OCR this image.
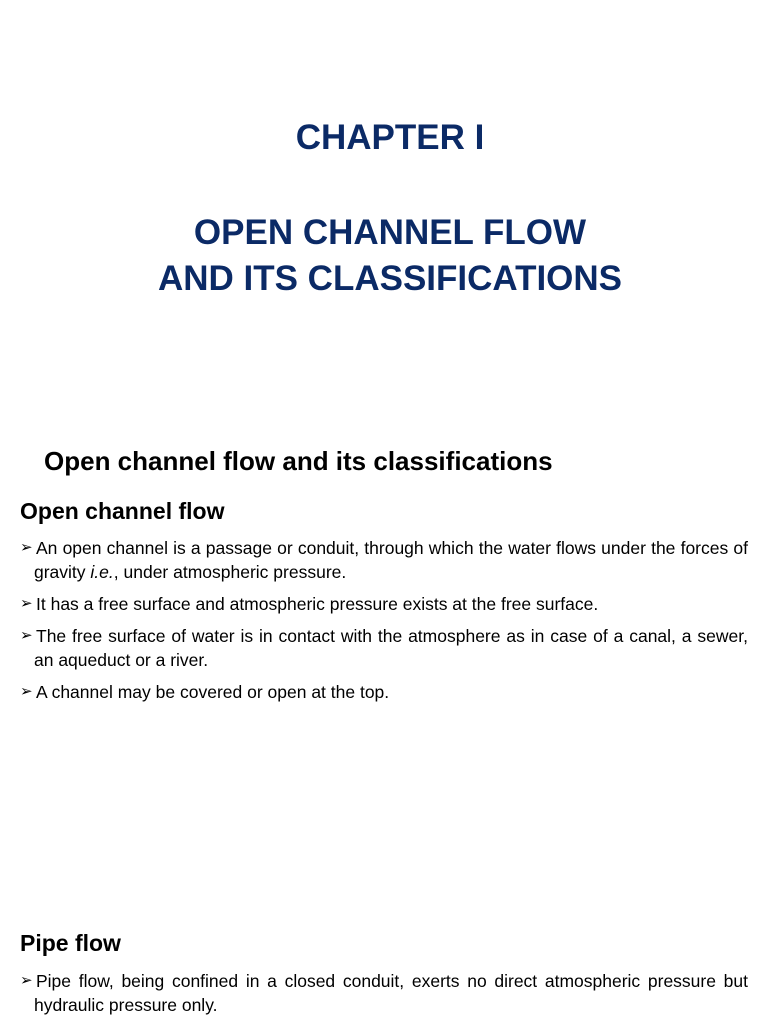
CHAPTER I
OPEN CHANNEL FLOW
AND ITS CLASSIFICATIONS
Open channel flow and its classifications
Open channel flow
➢ An open channel is a passage or conduit, through which the water flows under the forces of gravity i.e., under atmospheric pressure.
➢ It has a free surface and atmospheric pressure exists at the free surface.
➢ The free surface of water is in contact with the atmosphere as in case of a canal, a sewer, an aqueduct or a river.
➢ A channel may be covered or open at the top.
Pipe flow
➢ Pipe flow, being confined in a closed conduit, exerts no direct atmospheric pressure but hydraulic pressure only.
